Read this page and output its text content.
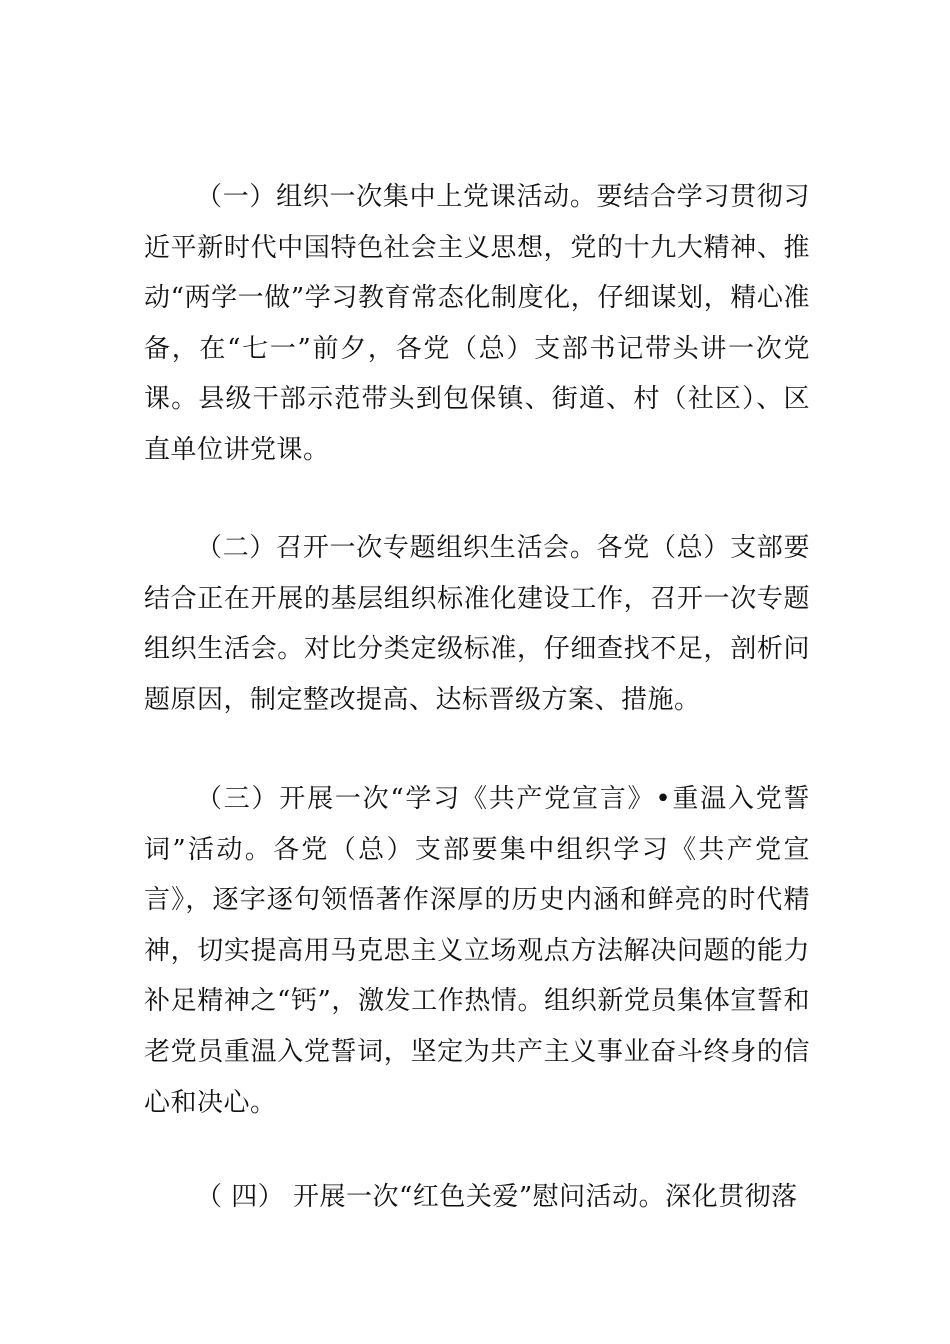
（一）组织一次集中上党课活动。要结合学习贯彻习近平新时代中国特色社会主义思想，党的十九大精神、推动“两学一做”学习教育常态化制度化，仔细谋划，精心准备，在“七一”前夕，各党（总）支部书记带头讲一次党课。县级干部示范带头到包保镇、街道、村（社区）、区直单位讲党课。

（二）召开一次专题组织生活会。各党（总）支部要结合正在开展的基层组织标准化建设工作，召开一次专题组织生活会。对比分类定级标准，仔细查找不足，剖析问题原因，制定整改提高、达标晋级方案、措施。

（三）开展一次“学习《共产党宣言》•重温入党誓词”活动。各党（总）支部要集中组织学习《共产党宣言》，逐字逐句领悟著作深厚的历史内涵和鲜亮的时代精神，切实提高用马克思主义立场观点方法解决问题的能力补足精神之“钙”，激发工作热情。组织新党员集体宣誓和老党员重温入党誓词，坚定为共产主义事业奋斗终身的信心和决心。

（ 四） 开展一次“红色关爱”慰问活动。深化贯彻落
